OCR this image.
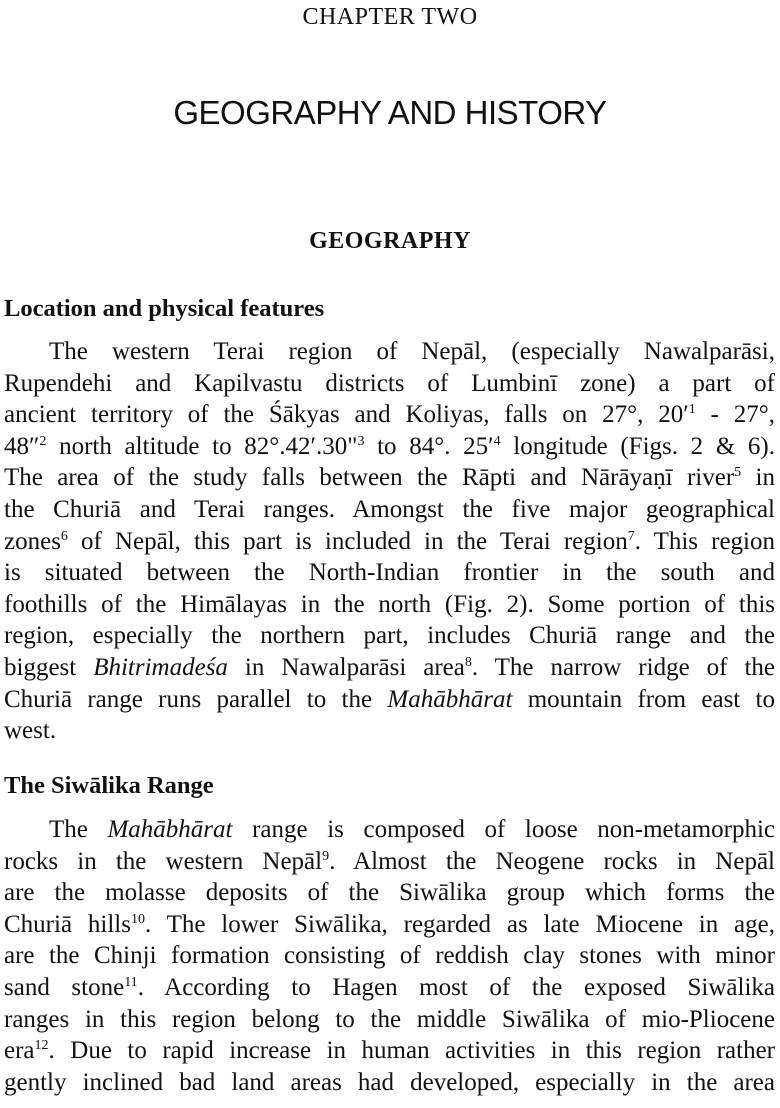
CHAPTER TWO
GEOGRAPHY AND HISTORY
GEOGRAPHY
Location and physical features
The western Terai region of Nepāl, (especially Nawalparāsi,
Rupendehi and Kapilvastu districts of Lumbinī zone) a part of
ancient territory of the Śākyas and Koliyas, falls on 27°, $20'^1 - 27^\circ$,
48″$^2$ north altitude to 82°.42′.30"$^3$ to 84°. $25'^4$ longitude (Figs. 2 & 6).
The area of the study falls between the Rāpti and Nārāyaṇī river$^5$ in
the Churiā and Terai ranges. Amongst the five major geographical
zones$^6$ of Nepāl, this part is included in the Terai region$^7$. This region
is situated between the North-Indian frontier in the south and
foothills of the Himālayas in the north (Fig. 2). Some portion of this
region, especially the northern part, includes Churiā range and the
biggest Bhitrimadeśa in Nawalparāsi area$^8$. The narrow ridge of the
Churiā range runs parallel to the Mahābhārat mountain from east to
west.
The Siwālika Range
The Mahābhārat range is composed of loose non-metamorphic
rocks in the western Nepāl$^9$. Almost the Neogene rocks in Nepāl
are the molasse deposits of the Siwālika group which forms the
Churiā hills$^{10}$. The lower Siwālika, regarded as late Miocene in age,
are the Chinji formation consisting of reddish clay stones with minor
sand stone$^{11}$. According to Hagen most of the exposed Siwālika
ranges in this region belong to the middle Siwālika of mio-Pliocene
era$^{12}$. Due to rapid increase in human activities in this region rather
gently inclined bad land areas had developed, especially in the area
